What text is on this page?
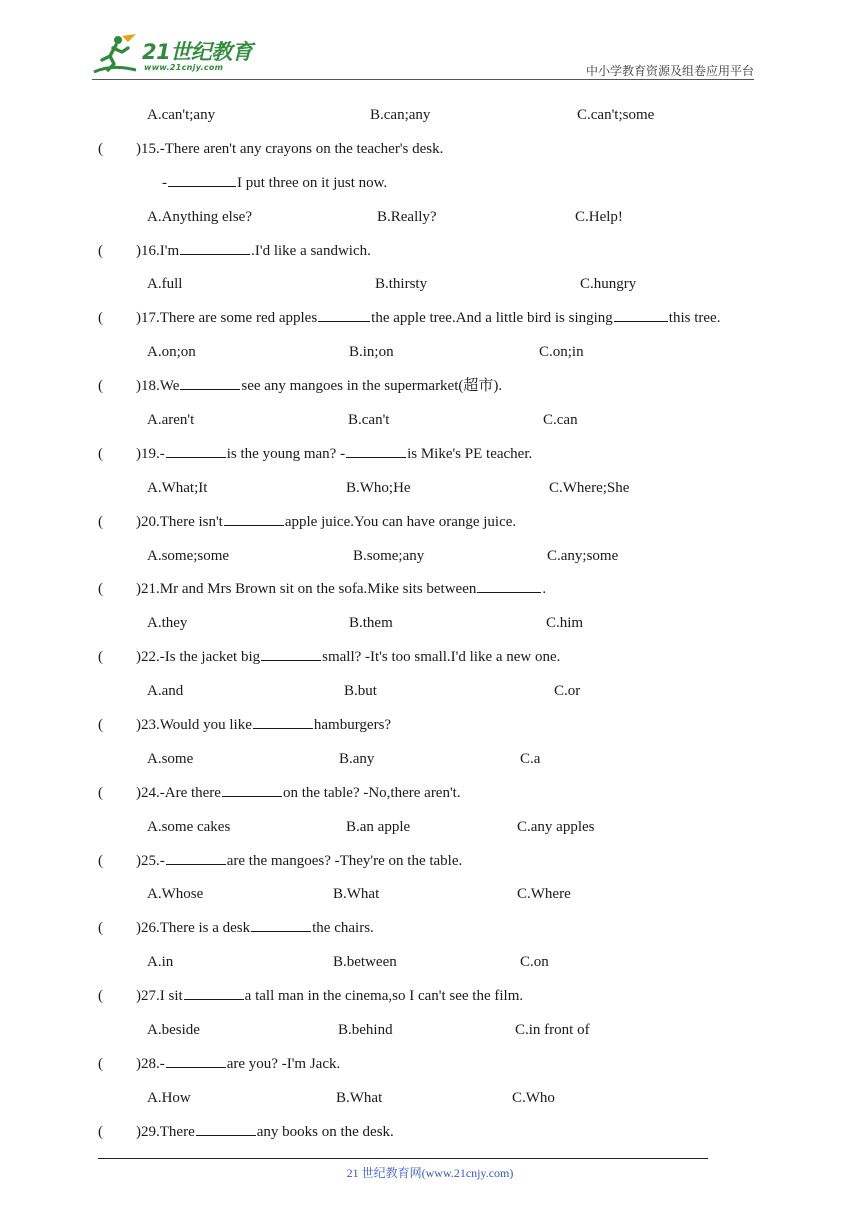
21世纪教育
www.21cnjy.com	中小学教育资源及组卷应用平台
A.can't;any	B.can;any	C.can't;some
( )15.-There aren't any crayons on the teacher's desk.
-	I put three on it just now.
A.Anything else?	B.Really?	C.Help!
( )16.I'm	.I'd like a sandwich.
A.full	B.thirsty	C.hungry
( )17.There are some red apples	the apple tree.And a little bird is singing	this tree.
A.on;on	B.in;on	C.on;in
( )18.We	see any mangoes in the supermarket(超市).
A.aren't	B.can't	C.can
( )19.-	is the young man? -	is Mike's PE teacher.
A.What;It	B.Who;He	C.Where;She
( )20.There isn't	apple juice.You can have orange juice.
A.some;some	B.some;any	C.any;some
( )21.Mr and Mrs Brown sit on the sofa.Mike sits between	.
A.they	B.them	C.him
( )22.-Is the jacket big	small? -It's too small.I'd like a new one.
A.and	B.but	C.or
( )23.Would you like	hamburgers?
A.some	B.any	C.a
( )24.-Are there	on the table? -No,there aren't.
A.some cakes	B.an apple	C.any apples
( )25.-	are the mangoes? -They're on the table.
A.Whose	B.What	C.Where
( )26.There is a desk	the chairs.
A.in	B.between	C.on
( )27.I sit	a tall man in the cinema,so I can't see the film.
A.beside	B.behind	C.in front of
( )28.-	are you? -I'm Jack.
A.How	B.What	C.Who
( )29.There	any books on the desk.
21 世纪教育网(www.21cnjy.com)
